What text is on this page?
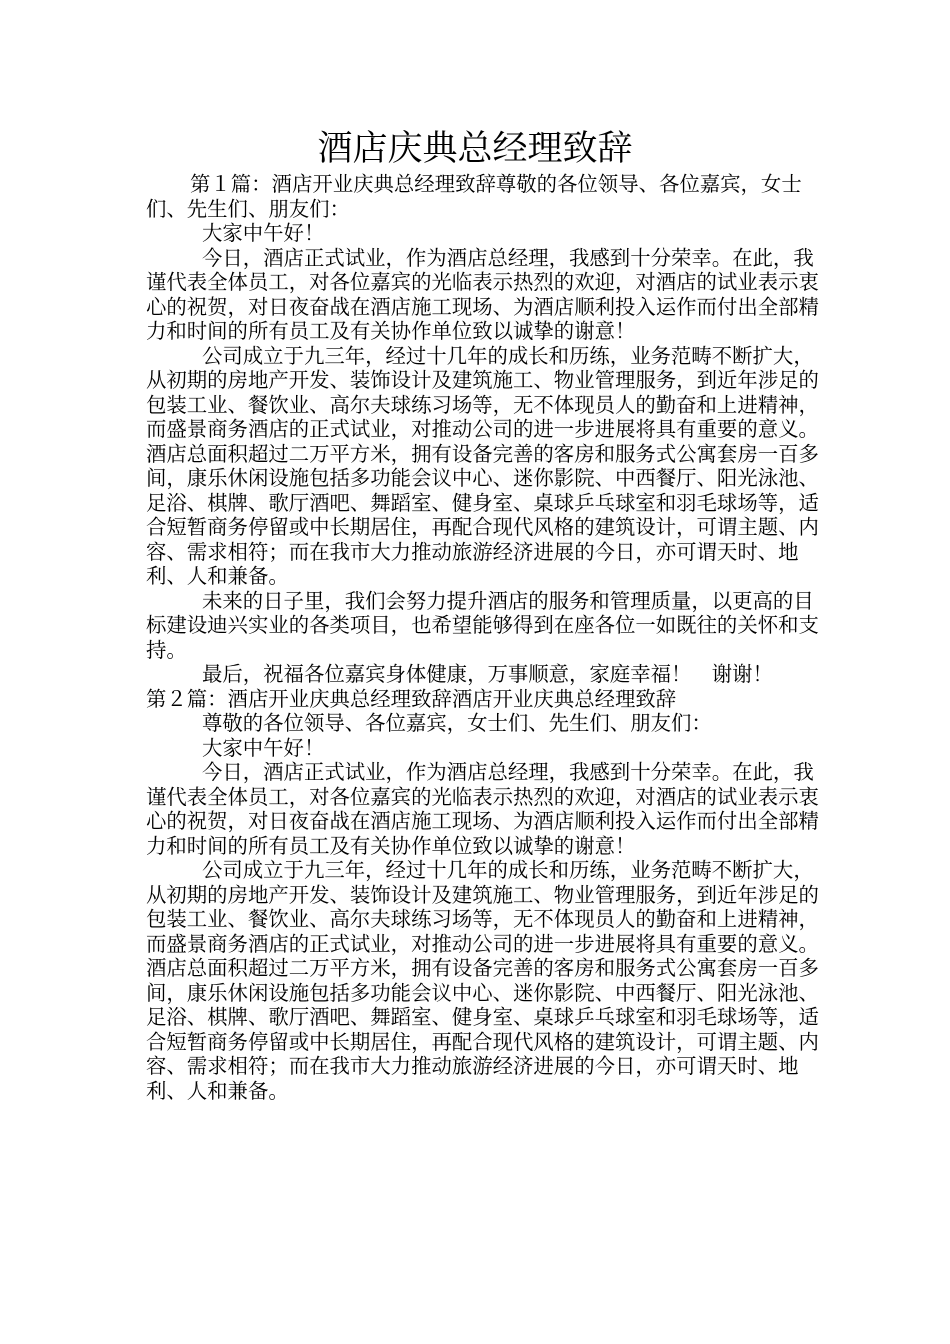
酒店庆典总经理致辞

第１篇：酒店开业庆典总经理致辞尊敬的各位领导、各位嘉宾，女士们、先生们、朋友们：

大家中午好！

今日，酒店正式试业，作为酒店总经理，我感到十分荣幸。在此，我谨代表全体员工，对各位嘉宾的光临表示热烈的欢迎，对酒店的试业表示衷心的祝贺，对日夜奋战在酒店施工现场、为酒店顺利投入运作而付出全部精力和时间的所有员工及有关协作单位致以诚挚的谢意！

公司成立于九三年，经过十几年的成长和历练，业务范畴不断扩大，从初期的房地产开发、装饰设计及建筑施工、物业管理服务，到近年涉足的包装工业、餐饮业、高尔夫球练习场等，无不体现员人的勤奋和上进精神，而盛景商务酒店的正式试业，对推动公司的进一步进展将具有重要的意义。酒店总面积超过二万平方米，拥有设备完善的客房和服务式公寓套房一百多间，康乐休闲设施包括多功能会议中心、迷你影院、中西餐厅、阳光泳池、足浴、棋牌、歌厅酒吧、舞蹈室、健身室、桌球乒乓球室和羽毛球场等，适合短暂商务停留或中长期居住，再配合现代风格的建筑设计，可谓主题、内容、需求相符；而在我市大力推动旅游经济进展的今日，亦可谓天时、地利、人和兼备。

未来的日子里，我们会努力提升酒店的服务和管理质量，以更高的目标建设迪兴实业的各类项目，也希望能够得到在座各位一如既往的关怀和支持。

最后，祝福各位嘉宾身体健康，万事顺意，家庭幸福！　谢谢！

第２篇：酒店开业庆典总经理致辞酒店开业庆典总经理致辞

尊敬的各位领导、各位嘉宾，女士们、先生们、朋友们：

大家中午好！

今日，酒店正式试业，作为酒店总经理，我感到十分荣幸。在此，我谨代表全体员工，对各位嘉宾的光临表示热烈的欢迎，对酒店的试业表示衷心的祝贺，对日夜奋战在酒店施工现场、为酒店顺利投入运作而付出全部精力和时间的所有员工及有关协作单位致以诚挚的谢意！

公司成立于九三年，经过十几年的成长和历练，业务范畴不断扩大，从初期的房地产开发、装饰设计及建筑施工、物业管理服务，到近年涉足的包装工业、餐饮业、高尔夫球练习场等，无不体现员人的勤奋和上进精神，而盛景商务酒店的正式试业，对推动公司的进一步进展将具有重要的意义。酒店总面积超过二万平方米，拥有设备完善的客房和服务式公寓套房一百多间，康乐休闲设施包括多功能会议中心、迷你影院、中西餐厅、阳光泳池、足浴、棋牌、歌厅酒吧、舞蹈室、健身室、桌球乒乓球室和羽毛球场等，适合短暂商务停留或中长期居住，再配合现代风格的建筑设计，可谓主题、内容、需求相符；而在我市大力推动旅游经济进展的今日，亦可谓天时、地利、人和兼备。
